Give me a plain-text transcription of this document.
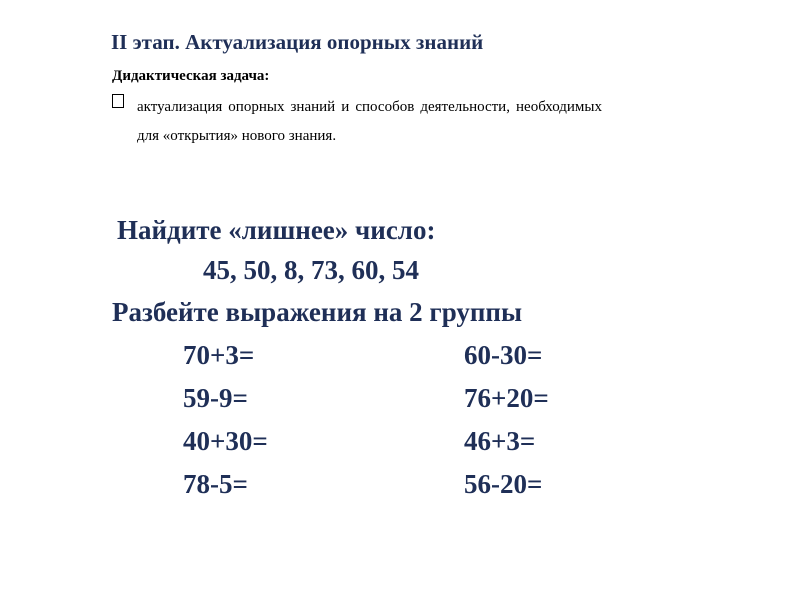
II этап. Актуализация опорных знаний
Дидактическая задача:
актуализация опорных знаний и способов деятельности, необходимых для «открытия» нового знания.
Найдите «лишнее» число:
45, 50, 8, 73, 60, 54
Разбейте выражения на 2 группы
70+3=
59-9=
40+30=
78-5=
60-30=
76+20=
46+3=
56-20=
